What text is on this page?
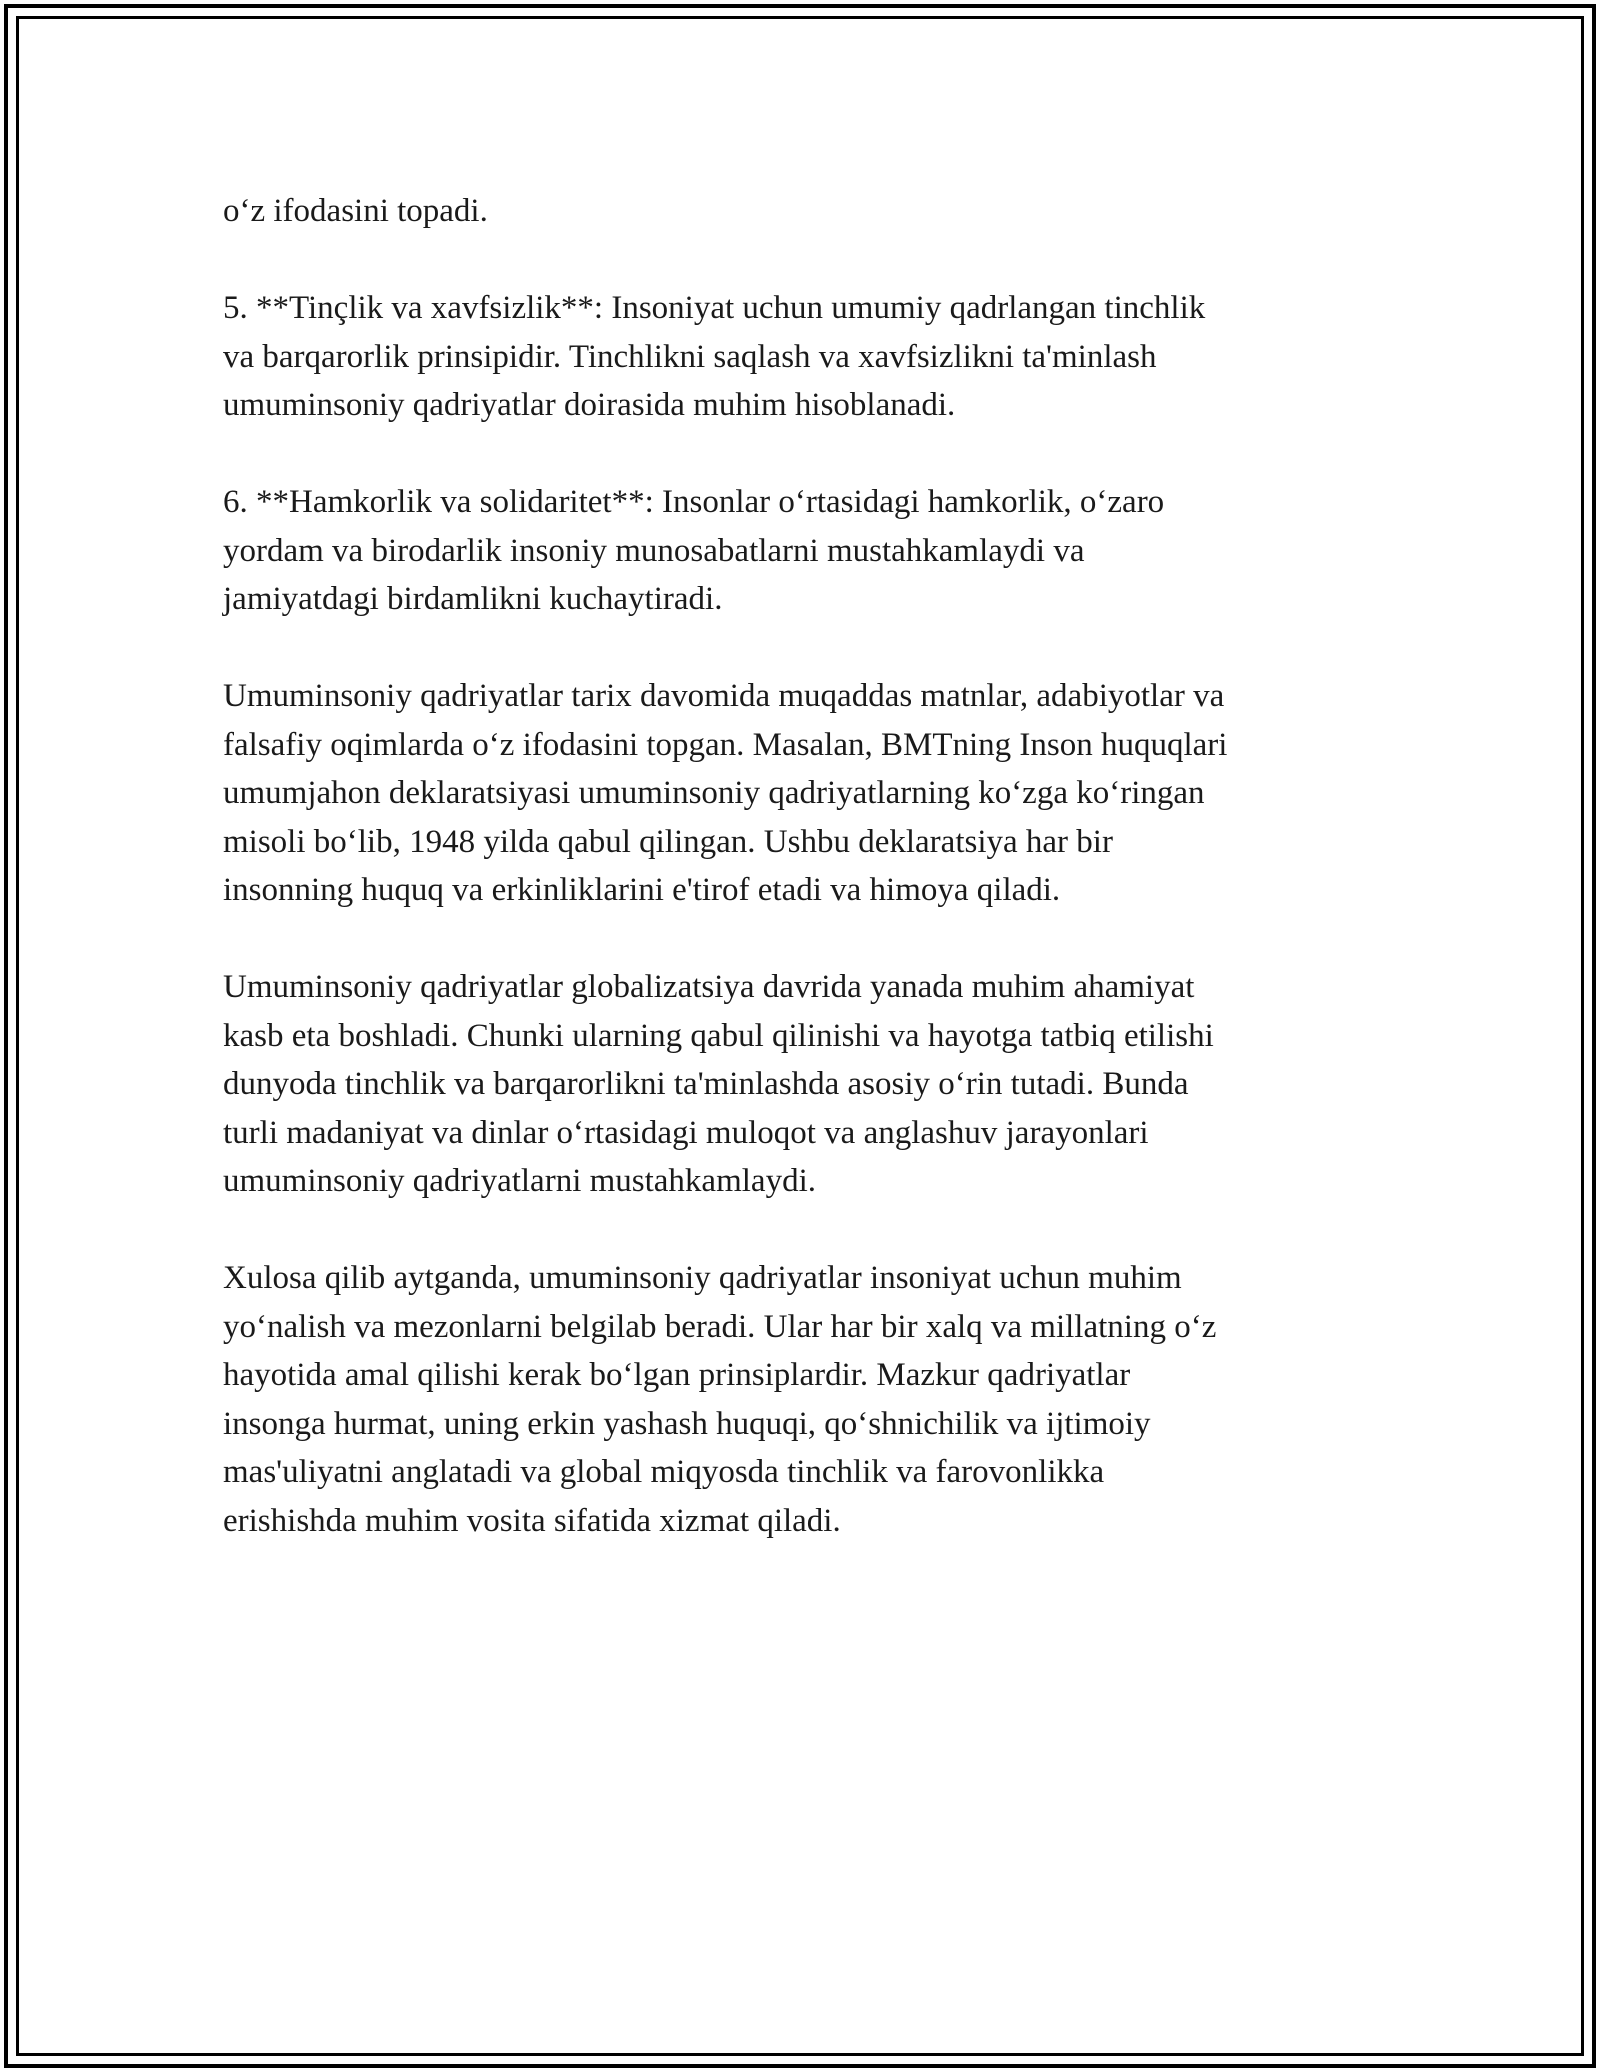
o‘z ifodasini topadi.

5. **Tinçlik va xavfsizlik**: Insoniyat uchun umumiy qadrlangan tinchlik
va barqarorlik prinsipidir. Tinchlikni saqlash va xavfsizlikni ta'minlash
umuminsoniy qadriyatlar doirasida muhim hisoblanadi.

6. **Hamkorlik va solidaritet**: Insonlar o‘rtasidagi hamkorlik, o‘zaro
yordam va birodarlik insoniy munosabatlarni mustahkamlaydi va
jamiyatdagi birdamlikni kuchaytiradi.

Umuminsoniy qadriyatlar tarix davomida muqaddas matnlar, adabiyotlar va
falsafiy oqimlarda o‘z ifodasini topgan. Masalan, BMTning Inson huquqlari
umumjahon deklaratsiyasi umuminsoniy qadriyatlarning ko‘zga ko‘ringan
misoli bo‘lib, 1948 yilda qabul qilingan. Ushbu deklaratsiya har bir
insonning huquq va erkinliklarini e'tirof etadi va himoya qiladi.

Umuminsoniy qadriyatlar globalizatsiya davrida yanada muhim ahamiyat
kasb eta boshladi. Chunki ularning qabul qilinishi va hayotga tatbiq etilishi
dunyoda tinchlik va barqarorlikni ta'minlashda asosiy o‘rin tutadi. Bunda
turli madaniyat va dinlar o‘rtasidagi muloqot va anglashuv jarayonlari
umuminsoniy qadriyatlarni mustahkamlaydi.

Xulosa qilib aytganda, umuminsoniy qadriyatlar insoniyat uchun muhim
yo‘nalish va mezonlarni belgilab beradi. Ular har bir xalq va millatning o‘z
hayotida amal qilishi kerak bo‘lgan prinsiplardir. Mazkur qadriyatlar
insonga hurmat, uning erkin yashash huquqi, qo‘shnichilik va ijtimoiy
mas'uliyatni anglatadi va global miqyosda tinchlik va farovonlikka
erishishda muhim vosita sifatida xizmat qiladi.
